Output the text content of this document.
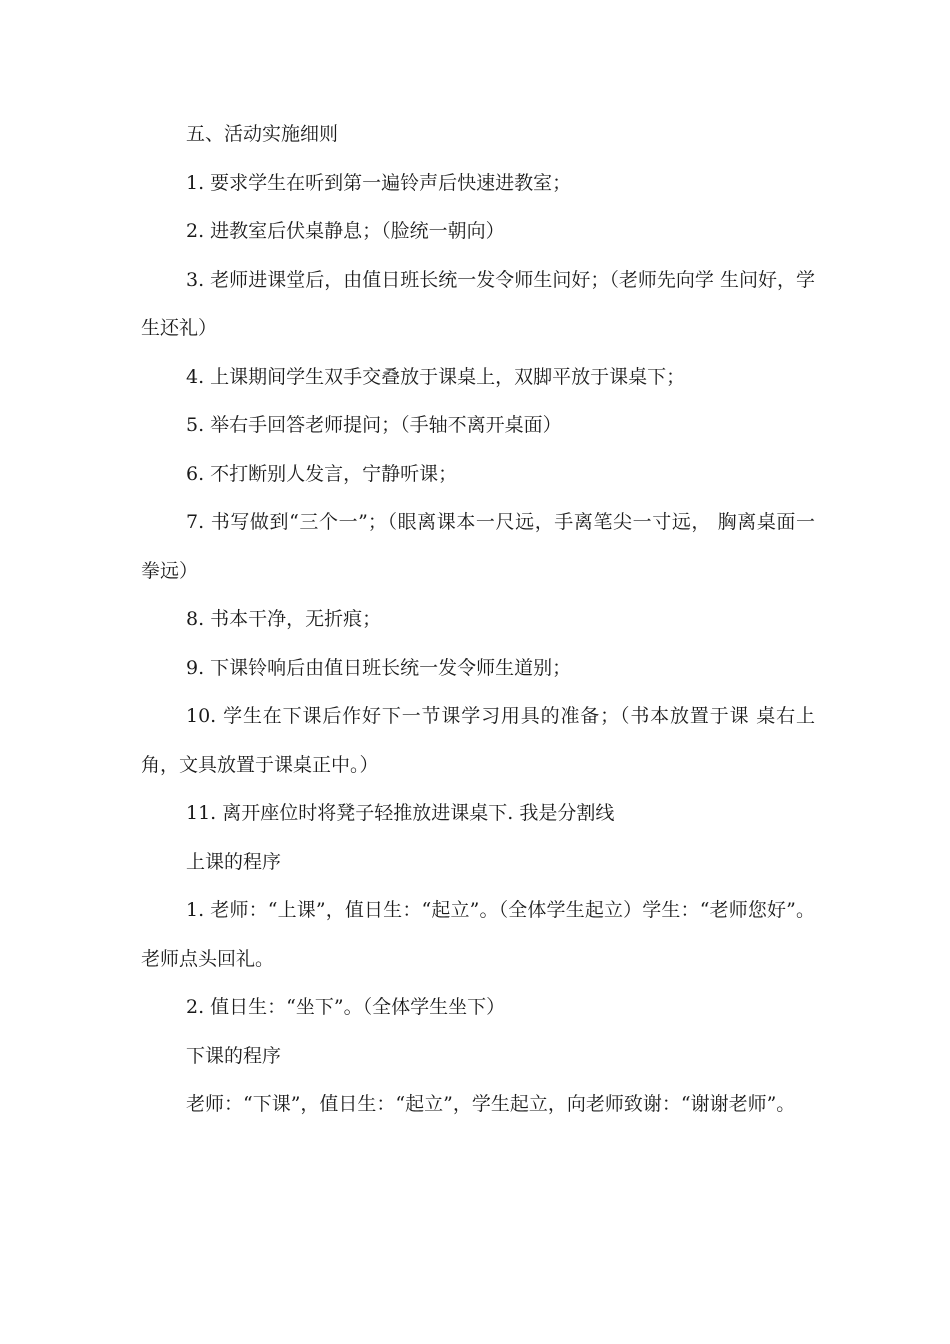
五、活动实施细则

1. 要求学生在听到第一遍铃声后快速进教室；

2. 进教室后伏桌静息；（脸统一朝向）

3. 老师进课堂后，由值日班长统一发令师生问好；（老师先向学 生问好，学生还礼）

4. 上课期间学生双手交叠放于课桌上，双脚平放于课桌下；

5. 举右手回答老师提问；（手轴不离开桌面）

6. 不打断别人发言，宁静听课；

7. 书写做到“三个一”；（眼离课本一尺远，手离笔尖一寸远， 胸离桌面一拳远）

8. 书本干净，无折痕；

9. 下课铃响后由值日班长统一发令师生道别；

10. 学生在下课后作好下一节课学习用具的准备；（书本放置于课 桌右上角，文具放置于课桌正中。）

11. 离开座位时将凳子轻推放进课桌下. 我是分割线

上课的程序

1. 老师：“上课”，值日生：“起立”。（全体学生起立）学生：“老师您好”。老师点头回礼。

2. 值日生：“坐下”。（全体学生坐下）

下课的程序

老师：“下课”，值日生：“起立”，学生起立，向老师致谢：“谢谢老师”。
